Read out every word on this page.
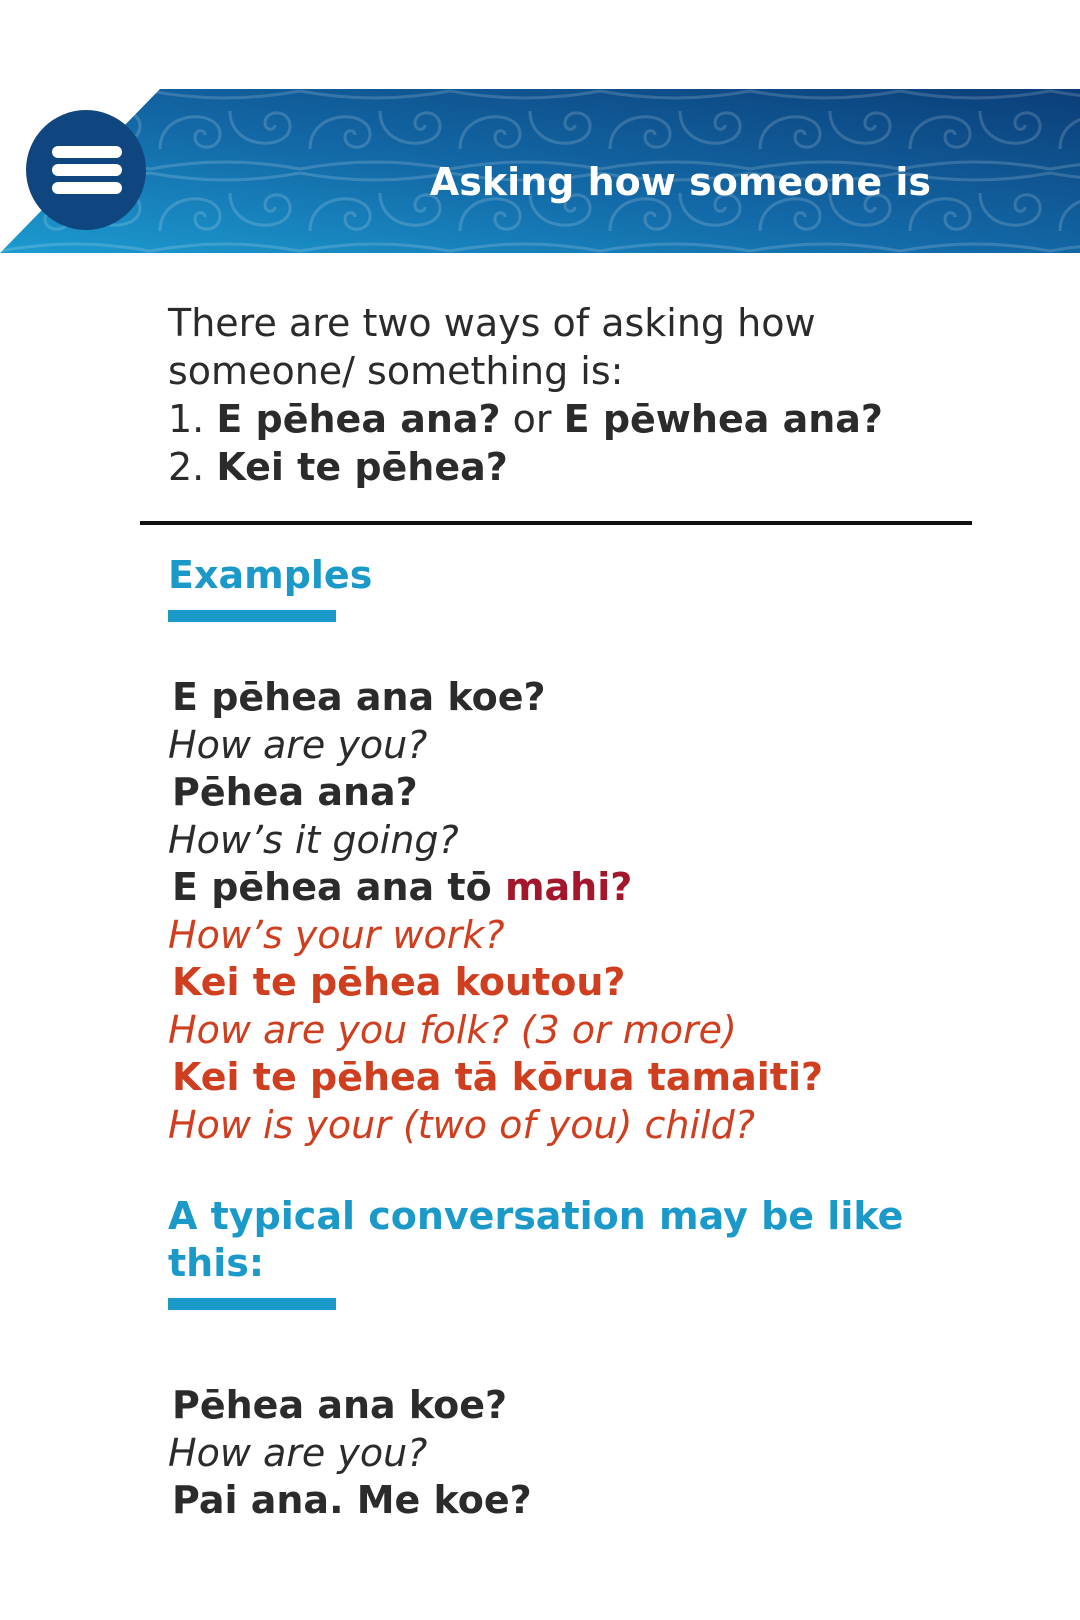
Asking how someone is
There are two ways of asking how
someone/ something is:
1. E pēhea ana? or E pēwhea ana?
2. Kei te pēhea?
Examples
E pēhea ana koe?
How are you?
Pēhea ana?
How’s it going?
E pēhea ana tō mahi?
How’s your work?
Kei te pēhea koutou?
How are you folk? (3 or more)
Kei te pēhea tā kōrua tamaiti?
How is your (two of you) child?
A typical conversation may be like
this:
Pēhea ana koe?
How are you?
Pai ana. Me koe?
